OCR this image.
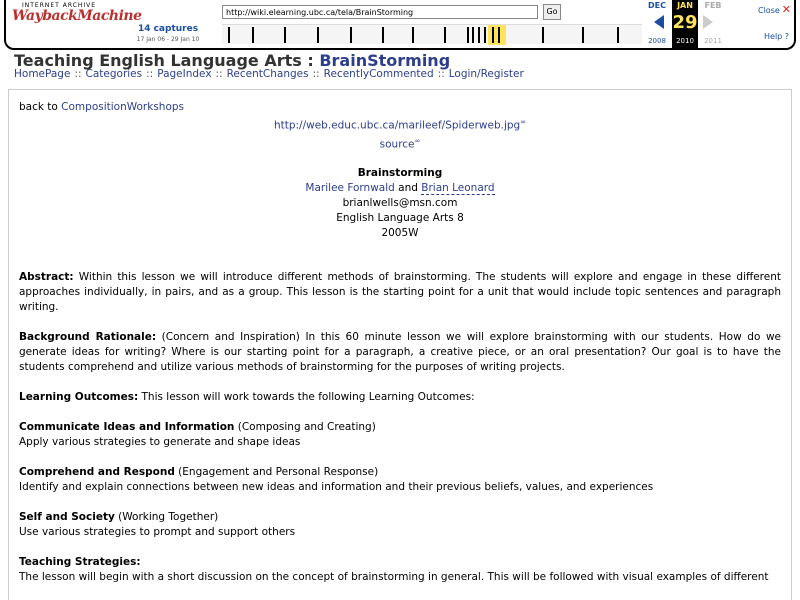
INTERNET ARCHIVE
WaybackMachine
14 captures
17 Jan 06 - 29 Jan 10
http://wiki.elearning.ubc.ca/tela/BrainStorming
Go
DEC
2008
JAN
29
2010
FEB
2011
Close ✕
Help ?
Teaching English Language Arts : BrainStorming
HomePage :: Categories :: PageIndex :: RecentChanges :: RecentlyCommented :: Login/Register
back to CompositionWorkshops
http://web.educ.ubc.ca/marileef/Spiderweb.jpg∞
source∞
Brainstorming
Marilee Fornwald and Brian Leonard
brianlwells@msn.com
English Language Arts 8
2005W

Abstract: Within this lesson we will introduce different methods of brainstorming. The students will explore and engage in these different approaches individually, in pairs, and as a group. This lesson is the starting point for a unit that would include topic sentences and paragraph writing.

Background Rationale: (Concern and Inspiration) In this 60 minute lesson we will explore brainstorming with our students. How do we generate ideas for writing? Where is our starting point for a paragraph, a creative piece, or an oral presentation? Our goal is to have the students comprehend and utilize various methods of brainstorming for the purposes of writing projects.

Learning Outcomes: This lesson will work towards the following Learning Outcomes:

Communicate Ideas and Information (Composing and Creating)
Apply various strategies to generate and shape ideas

Comprehend and Respond (Engagement and Personal Response)
Identify and explain connections between new ideas and information and their previous beliefs, values, and experiences

Self and Society (Working Together)
Use various strategies to prompt and support others

Teaching Strategies:
The lesson will begin with a short discussion on the concept of brainstorming in general. This will be followed with visual examples of different
